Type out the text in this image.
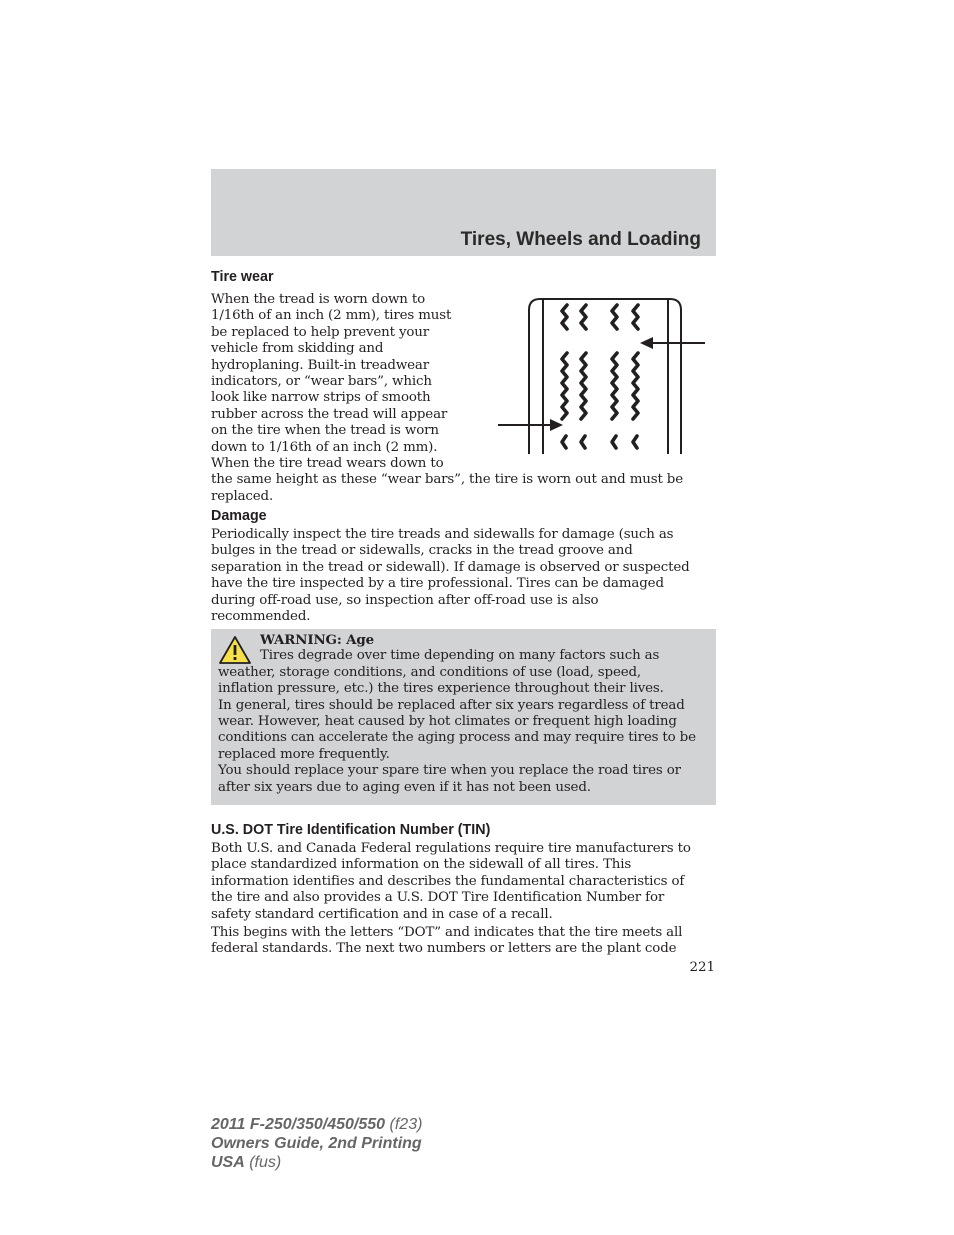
Tires, Wheels and Loading
Tire wear
When the tread is worn down to
1/16th of an inch (2 mm), tires must
be replaced to help prevent your
vehicle from skidding and
hydroplaning. Built-in treadwear
indicators, or “wear bars”, which
look like narrow strips of smooth
rubber across the tread will appear
on the tire when the tread is worn
down to 1/16th of an inch (2 mm).
When the tire tread wears down to
the same height as these “wear bars”, the tire is worn out and must be
replaced.
Damage
Periodically inspect the tire treads and sidewalls for damage (such as
bulges in the tread or sidewalls, cracks in the tread groove and
separation in the tread or sidewall). If damage is observed or suspected
have the tire inspected by a tire professional. Tires can be damaged
during off-road use, so inspection after off-road use is also
recommended.
WARNING: Age
Tires degrade over time depending on many factors such as
weather, storage conditions, and conditions of use (load, speed,
inflation pressure, etc.) the tires experience throughout their lives.
In general, tires should be replaced after six years regardless of tread
wear. However, heat caused by hot climates or frequent high loading
conditions can accelerate the aging process and may require tires to be
replaced more frequently.
You should replace your spare tire when you replace the road tires or
after six years due to aging even if it has not been used.
U.S. DOT Tire Identification Number (TIN)
Both U.S. and Canada Federal regulations require tire manufacturers to
place standardized information on the sidewall of all tires. This
information identifies and describes the fundamental characteristics of
the tire and also provides a U.S. DOT Tire Identification Number for
safety standard certification and in case of a recall.
This begins with the letters “DOT” and indicates that the tire meets all
federal standards. The next two numbers or letters are the plant code
221
2011 F-250/350/450/550 (f23)
Owners Guide, 2nd Printing
USA (fus)
